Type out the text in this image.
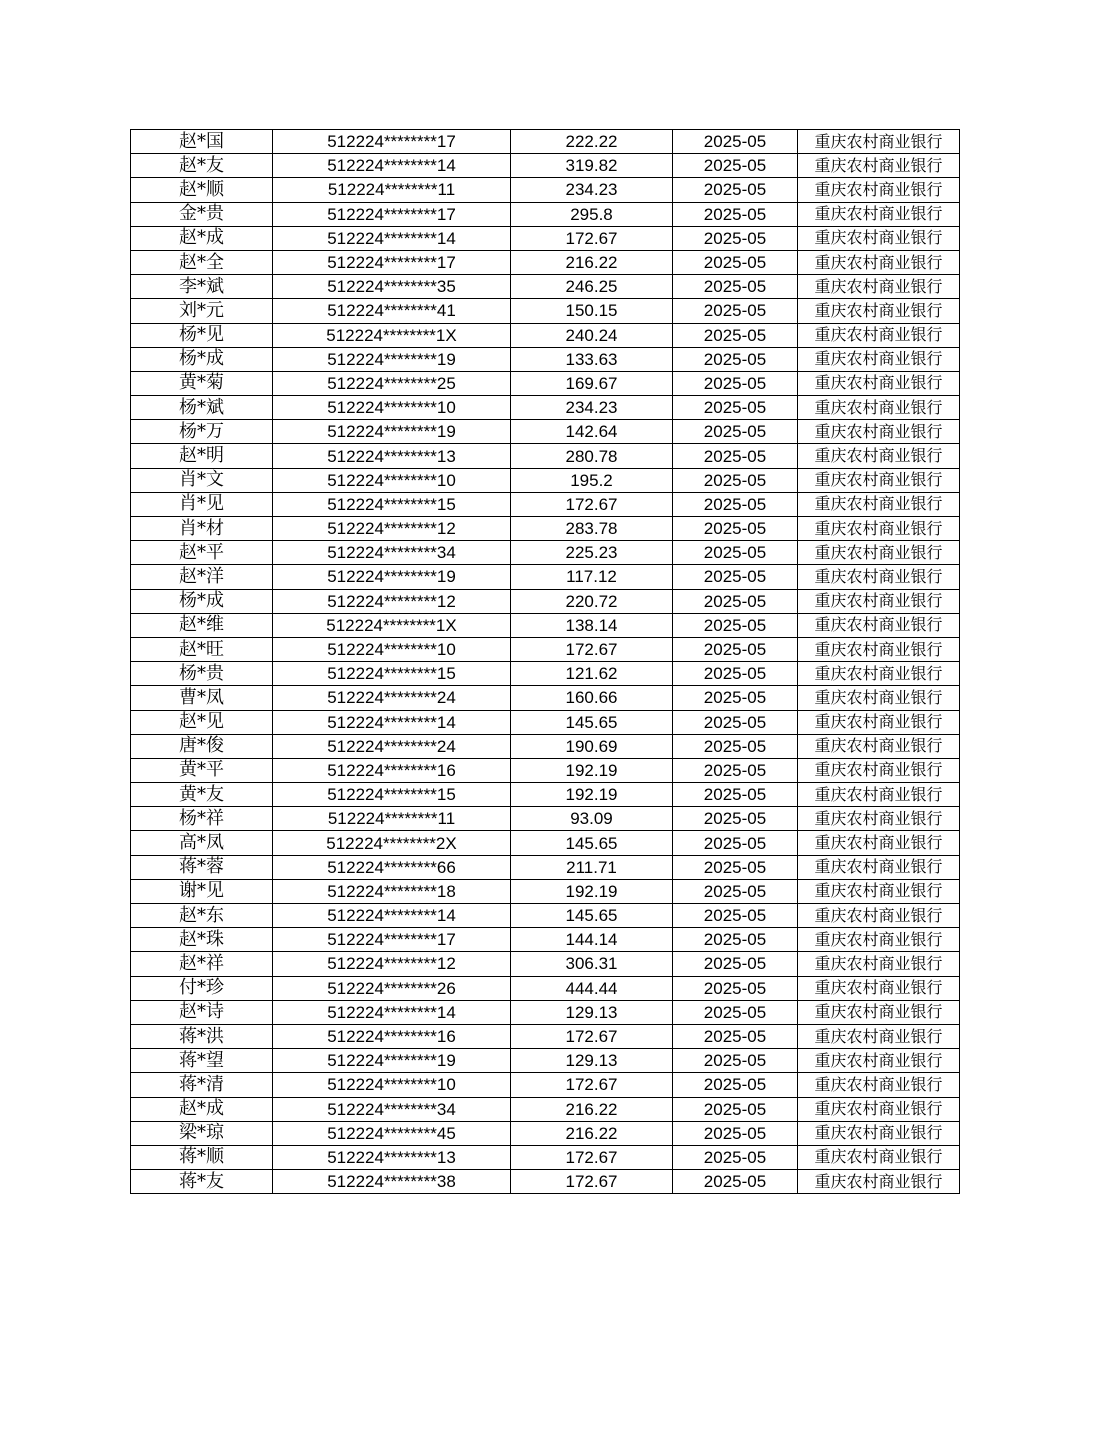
赵*国	512224********17	222.22	2025-05	重庆农村商业银行
赵*友	512224********14	319.82	2025-05	重庆农村商业银行
赵*顺	512224********11	234.23	2025-05	重庆农村商业银行
金*贵	512224********17	295.8	2025-05	重庆农村商业银行
赵*成	512224********14	172.67	2025-05	重庆农村商业银行
赵*全	512224********17	216.22	2025-05	重庆农村商业银行
李*斌	512224********35	246.25	2025-05	重庆农村商业银行
刘*元	512224********41	150.15	2025-05	重庆农村商业银行
杨*见	512224********1X	240.24	2025-05	重庆农村商业银行
杨*成	512224********19	133.63	2025-05	重庆农村商业银行
黄*菊	512224********25	169.67	2025-05	重庆农村商业银行
杨*斌	512224********10	234.23	2025-05	重庆农村商业银行
杨*万	512224********19	142.64	2025-05	重庆农村商业银行
赵*明	512224********13	280.78	2025-05	重庆农村商业银行
肖*文	512224********10	195.2	2025-05	重庆农村商业银行
肖*见	512224********15	172.67	2025-05	重庆农村商业银行
肖*材	512224********12	283.78	2025-05	重庆农村商业银行
赵*平	512224********34	225.23	2025-05	重庆农村商业银行
赵*洋	512224********19	117.12	2025-05	重庆农村商业银行
杨*成	512224********12	220.72	2025-05	重庆农村商业银行
赵*维	512224********1X	138.14	2025-05	重庆农村商业银行
赵*旺	512224********10	172.67	2025-05	重庆农村商业银行
杨*贵	512224********15	121.62	2025-05	重庆农村商业银行
曹*凤	512224********24	160.66	2025-05	重庆农村商业银行
赵*见	512224********14	145.65	2025-05	重庆农村商业银行
唐*俊	512224********24	190.69	2025-05	重庆农村商业银行
黄*平	512224********16	192.19	2025-05	重庆农村商业银行
黄*友	512224********15	192.19	2025-05	重庆农村商业银行
杨*祥	512224********11	93.09	2025-05	重庆农村商业银行
高*凤	512224********2X	145.65	2025-05	重庆农村商业银行
蒋*蓉	512224********66	211.71	2025-05	重庆农村商业银行
谢*见	512224********18	192.19	2025-05	重庆农村商业银行
赵*东	512224********14	145.65	2025-05	重庆农村商业银行
赵*珠	512224********17	144.14	2025-05	重庆农村商业银行
赵*祥	512224********12	306.31	2025-05	重庆农村商业银行
付*珍	512224********26	444.44	2025-05	重庆农村商业银行
赵*诗	512224********14	129.13	2025-05	重庆农村商业银行
蒋*洪	512224********16	172.67	2025-05	重庆农村商业银行
蒋*望	512224********19	129.13	2025-05	重庆农村商业银行
蒋*清	512224********10	172.67	2025-05	重庆农村商业银行
赵*成	512224********34	216.22	2025-05	重庆农村商业银行
梁*琼	512224********45	216.22	2025-05	重庆农村商业银行
蒋*顺	512224********13	172.67	2025-05	重庆农村商业银行
蒋*友	512224********38	172.67	2025-05	重庆农村商业银行
